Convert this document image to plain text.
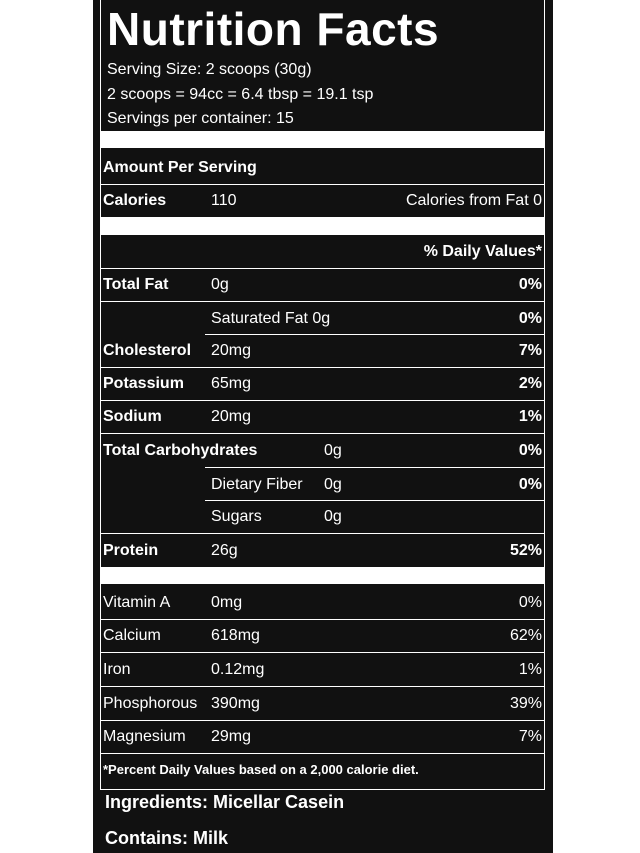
Nutrition Facts
Serving Size: 2 scoops (30g)
2 scoops = 94cc = 6.4 tbsp = 19.1 tsp
Servings per container: 15
Amount Per Serving
Calories	110	Calories from Fat 0
% Daily Values*
Total Fat	0g	0%
Saturated Fat 0g	0%
Cholesterol 20mg	7%
Potassium 65mg	2%
Sodium	20mg	1%
Total Carbohydrates	0g	0%
Dietary Fiber 0g	0%
Sugars	0g
Protein	26g	52%
Vitamin A	0mg	0%
Calcium	618mg	62%
Iron	0.12mg	1%
Phosphorous 390mg	39%
Magnesium 29mg	7%
*Percent Daily Values based on a 2,000 calorie diet.
Ingredients: Micellar Casein
Contains: Milk
